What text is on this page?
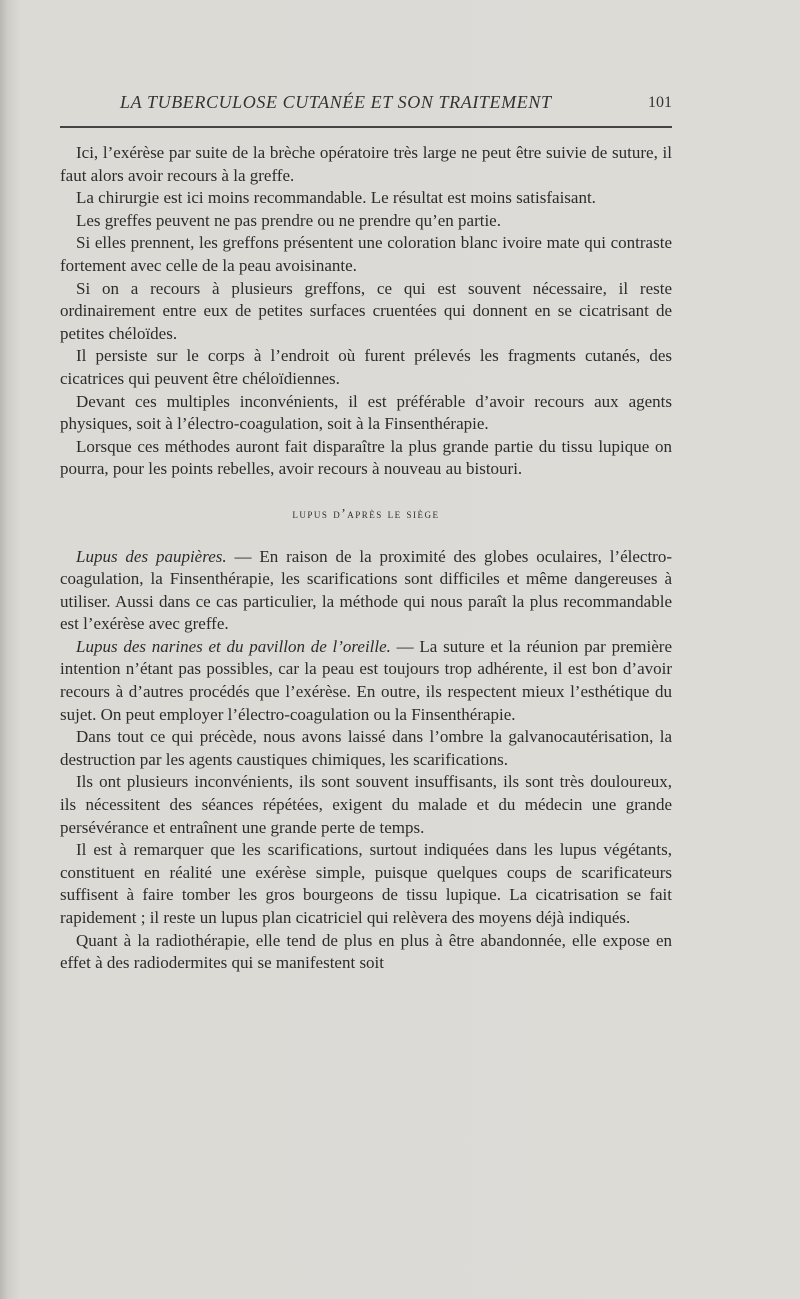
LA TUBERCULOSE CUTANÉE ET SON TRAITEMENT	101

Ici, l’exérèse par suite de la brèche opératoire très large ne peut être suivie de suture, il faut alors avoir recours à la greffe.

La chirurgie est ici moins recommandable. Le résultat est moins satisfaisant.

Les greffes peuvent ne pas prendre ou ne prendre qu’en partie.

Si elles prennent, les greffons présentent une coloration blanc ivoire mate qui contraste fortement avec celle de la peau avoisinante.

Si on a recours à plusieurs greffons, ce qui est souvent nécessaire, il reste ordinairement entre eux de petites surfaces cruentées qui donnent en se cicatrisant de petites chéloïdes.

Il persiste sur le corps à l’endroit où furent prélevés les fragments cutanés, des cicatrices qui peuvent être chéloïdiennes.

Devant ces multiples inconvénients, il est préférable d’avoir recours aux agents physiques, soit à l’électro-coagulation, soit à la Finsenthérapie.

Lorsque ces méthodes auront fait disparaître la plus grande partie du tissu lupique on pourra, pour les points rebelles, avoir recours à nouveau au bistouri.

lupus d’après le siège

Lupus des paupières. — En raison de la proximité des globes oculaires, l’électro-coagulation, la Finsenthérapie, les scarifications sont difficiles et même dangereuses à utiliser. Aussi dans ce cas particulier, la méthode qui nous paraît la plus recommandable est l’exérèse avec greffe.

Lupus des narines et du pavillon de l’oreille. — La suture et la réunion par première intention n’étant pas possibles, car la peau est toujours trop adhérente, il est bon d’avoir recours à d’autres procédés que l’exérèse. En outre, ils respectent mieux l’esthétique du sujet. On peut employer l’électro-coagulation ou la Finsenthérapie.

Dans tout ce qui précède, nous avons laissé dans l’ombre la galvanocautérisation, la destruction par les agents caustiques chimiques, les scarifications.

Ils ont plusieurs inconvénients, ils sont souvent insuffisants, ils sont très douloureux, ils nécessitent des séances répétées, exigent du malade et du médecin une grande persévérance et entraînent une grande perte de temps.

Il est à remarquer que les scarifications, surtout indiquées dans les lupus végétants, constituent en réalité une exérèse simple, puisque quelques coups de scarificateurs suffisent à faire tomber les gros bourgeons de tissu lupique. La cicatrisation se fait rapidement ; il reste un lupus plan cicatriciel qui relèvera des moyens déjà indiqués.

Quant à la radiothérapie, elle tend de plus en plus à être abandonnée, elle expose en effet à des radiodermites qui se manifestent soit
